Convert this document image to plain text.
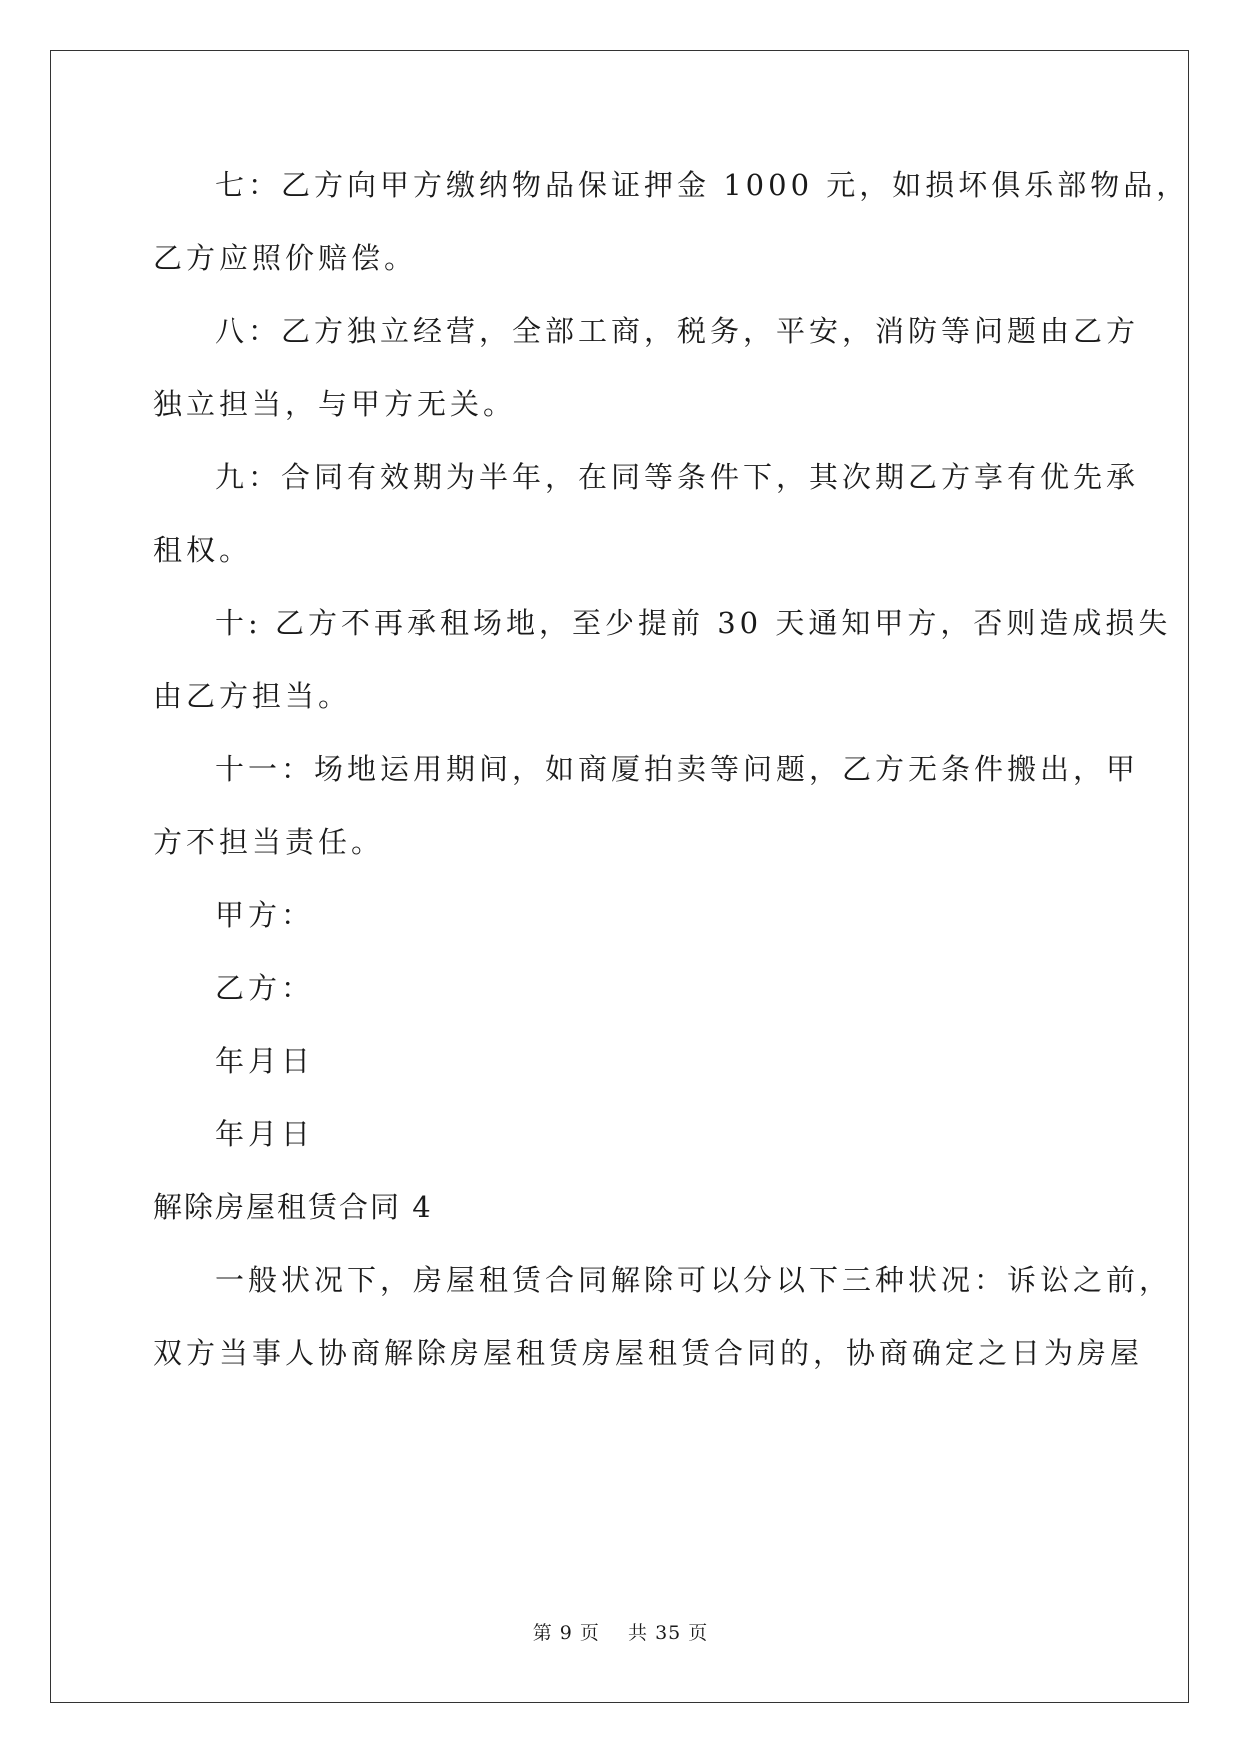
七：乙方向甲方缴纳物品保证押金 1000 元，如损坏俱乐部物品，
乙方应照价赔偿。
八：乙方独立经营，全部工商，税务，平安，消防等问题由乙方
独立担当，与甲方无关。
九：合同有效期为半年，在同等条件下，其次期乙方享有优先承
租权。
十: 乙方不再承租场地，至少提前 30 天通知甲方，否则造成损失
由乙方担当。
十一：场地运用期间，如商厦拍卖等问题，乙方无条件搬出，甲
方不担当责任。
甲方：
乙方：
年月日
年月日
解除房屋租赁合同 4
一般状况下，房屋租赁合同解除可以分以下三种状况：诉讼之前，
双方当事人协商解除房屋租赁房屋租赁合同的，协商确定之日为房屋
第 9 页    共 35 页
